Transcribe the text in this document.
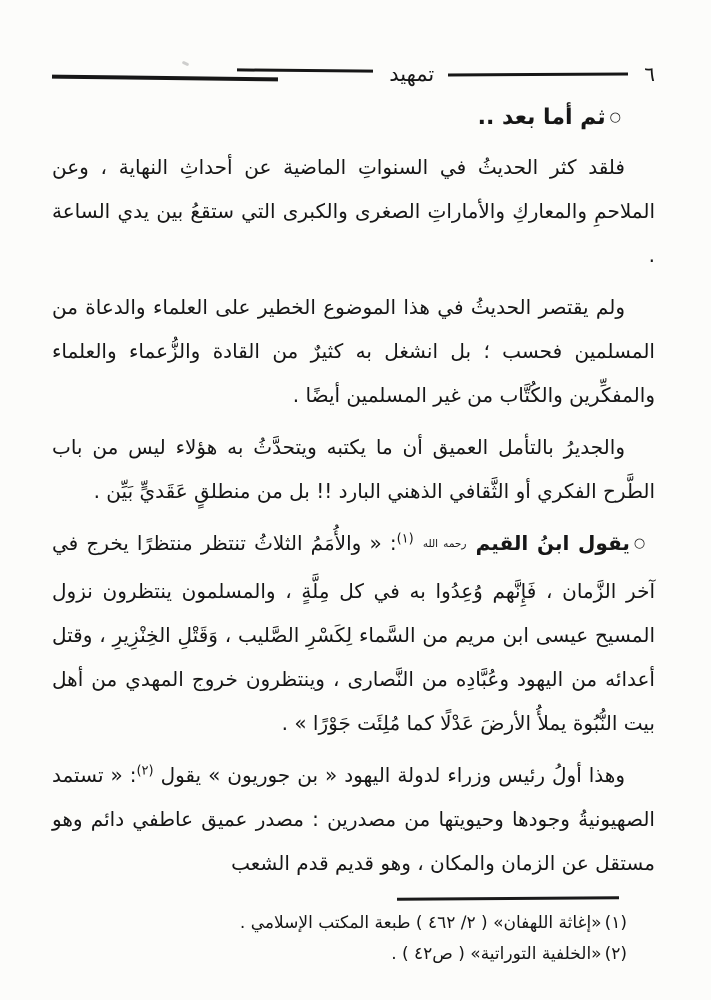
٦
تمهيد
○ثم أما بعد ..

فلقد كثر الحديثُ في السنواتِ الماضية عن أحداثِ النهاية ، وعن الملاحمِ والمعاركِ والأماراتِ الصغرى والكبرى التي ستقعُ بين يدي الساعة .

ولم يقتصر الحديثُ في هذا الموضوع الخطير على العلماء والدعاة من المسلمين فحسب ؛ بل انشغل به كثيرٌ من القادة والزُّعماء والعلماء والمفكِّرين والكُتَّاب من غير المسلمين أيضًا .

والجديرُ بالتأمل العميق أن ما يكتبه ويتحدَّثُ به هؤلاء ليس من باب الطَّرح الفكري أو الثَّقافي الذهني البارد !! بل من منطلقٍ عَقَديٍّ بَيِّن .

○يقول ابنُ القيم رحمه الله $^{(١)}$: « والأُمَمُ الثلاثُ تنتظر منتظرًا يخرج في آخر الزَّمان ، فَإِنَّهم وُعِدُوا به في كل مِلَّةٍ ، والمسلمون ينتظرون نزول المسيح عيسى ابن مريم من السَّماء لِكَسْرِ الصَّليب ، وَقَتْلِ الخِنْزِيرِ ، وقتل أعدائه من اليهود وعُبَّادِه من النَّصارى ، وينتظرون خروج المهدي من أهل بيت النُّبُوة يملأُ الأرضَ عَدْلًا كما مُلِئَت جَوْرًا » .

وهذا أولُ رئيس وزراء لدولة اليهود « بن جوريون » يقول $^{(٢)}$: « تستمد الصهيونيةُ وجودها وحيويتها من مصدرين : مصدر عميق عاطفي دائم وهو مستقل عن الزمان والمكان ، وهو قديم قدم الشعب

(١)«إغاثة اللهفان» ( ٢/ ٤٦٢ ) طبعة المكتب الإسلامي .

(٢)«الخلفية التوراتية» ( ص٤٢ ) .
